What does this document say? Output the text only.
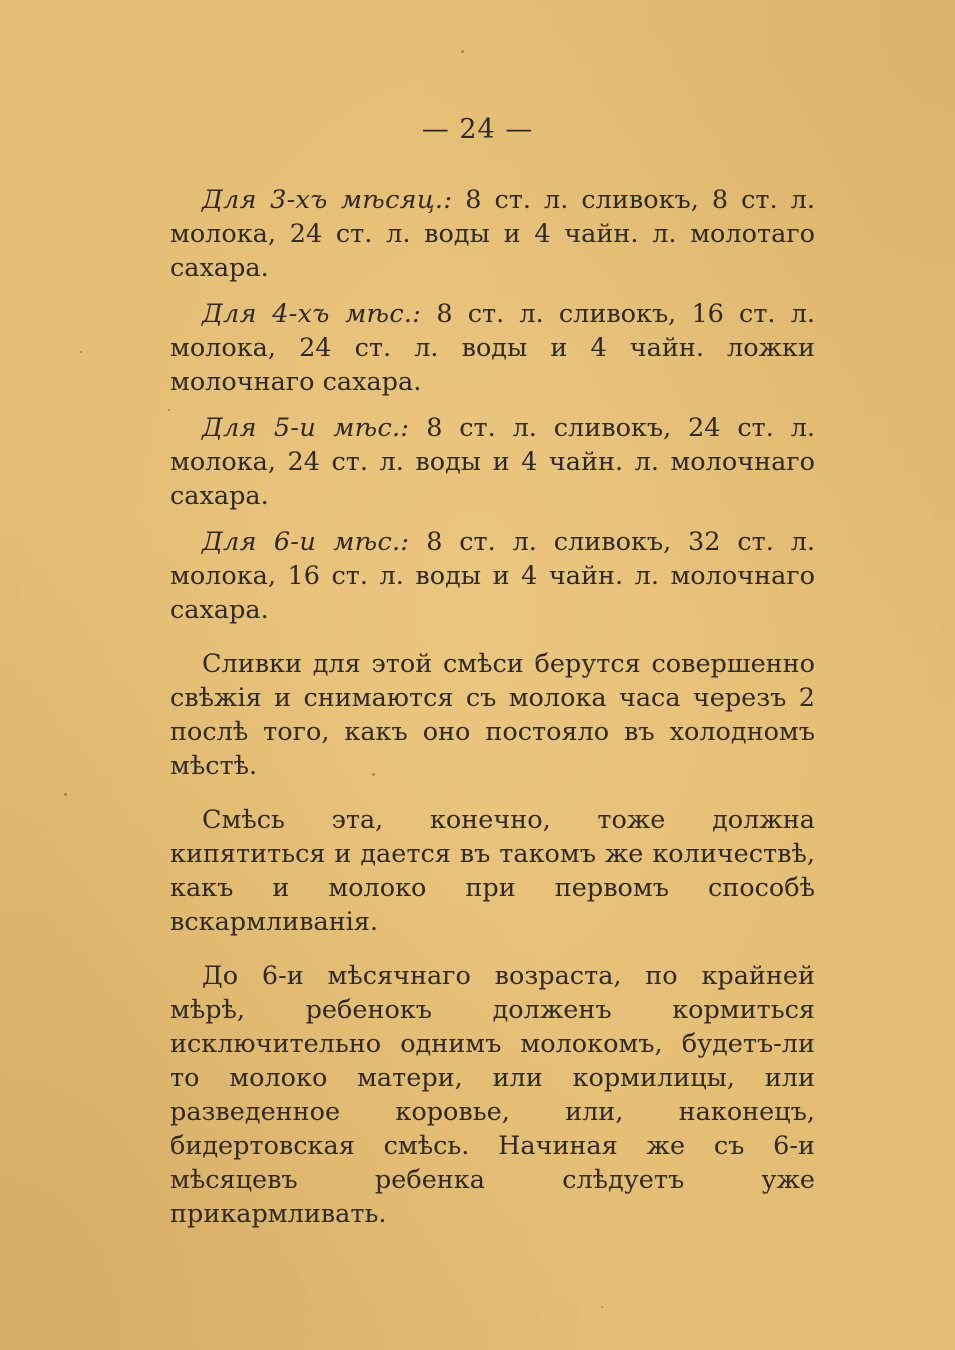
— 24 —

Для 3-хъ мѣсяц.: 8 ст. л. сливокъ, 8 ст. л. молока, 24 ст. л. воды и 4 чайн. л. молотаго сахара.

Для 4-хъ мѣс.: 8 ст. л. сливокъ, 16 ст. л. молока, 24 ст. л. воды и 4 чайн. ложки молочнаго сахара.

Для 5-и мѣс.: 8 ст. л. сливокъ, 24 ст. л. молока, 24 ст. л. воды и 4 чайн. л. молочнаго сахара.

Для 6-и мѣс.: 8 ст. л. сливокъ, 32 ст. л. молока, 16 ст. л. воды и 4 чайн. л. молочнаго сахара.

Сливки для этой смѣси берутся совершенно свѣжія и снимаются съ молока часа черезъ 2 послѣ того, какъ оно постояло въ холодномъ мѣстѣ.

Смѣсь эта, конечно, тоже должна кипятиться и дается въ такомъ же количествѣ, какъ и молоко при первомъ способѣ вскармливанія.

До 6-и мѣсячнаго возраста, по крайней мѣрѣ, ребенокъ долженъ кормиться исключительно однимъ молокомъ, будетъ-ли то молоко матери, или кормилицы, или разведенное коровье, или, наконецъ, бидертовская смѣсь. Начиная же съ 6-и мѣсяцевъ ребенка слѣдуетъ уже прикармливать.
